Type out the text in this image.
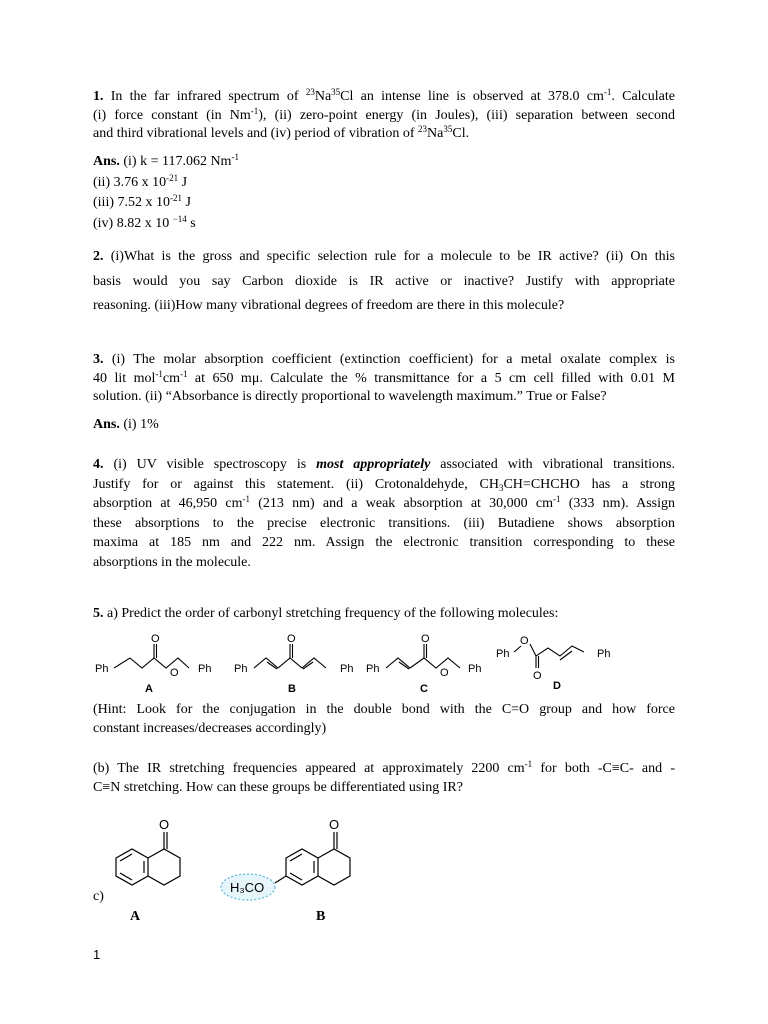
1. In the far infrared spectrum of $^{23}$Na$^{35}$Cl an intense line is observed at 378.0 $cm^{-1}$. Calculate
(i) force constant (in $Nm^{-1}$), (ii) zero-point energy (in Joules), (iii) separation between second
and third vibrational levels and (iv) period of vibration of $^{23}$Na$^{35}$Cl.
Ans. (i) k = 117.062 $Nm^{-1}$
(ii) 3.76 x $10^{-21}$ J
(iii) 7.52 x $10^{-21}$ J
(iv) 8.82 x 10 $^{-14}$ s
2. (i)What is the gross and specific selection rule for a molecule to be IR active? (ii) On this
basis would you say Carbon dioxide is IR active or inactive? Justify with appropriate
reasoning. (iii)How many vibrational degrees of freedom are there in this molecule?
3. (i) The molar absorption coefficient (extinction coefficient) for a metal oxalate complex is
40 lit $mol^{-1}cm^{-1}$ at 650 mμ. Calculate the % transmittance for a 5 cm cell filled with 0.01 M
solution. (ii) “Absorbance is directly proportional to wavelength maximum.” True or False?
Ans. (i) 1%
4. (i) UV visible spectroscopy is most appropriately associated with vibrational transitions.
Justify for or against this statement. (ii) Crotonaldehyde, $CH_3CH=CHCHO$ has a strong
absorption at 46,950 $cm^{-1}$ (213 nm) and a weak absorption at 30,000 $cm^{-1}$ (333 nm). Assign
these absorptions to the precise electronic transitions. (iii) Butadiene shows absorption
maxima at 185 nm and 222 nm. Assign the electronic transition corresponding to these
absorptions in the molecule.
5. a) Predict the order of carbonyl stretching frequency of the following molecules:
Ph
O
O Ph
A
Ph
O
Ph
B
Ph
O
O Ph
C
Ph
O
O
Ph
D
(Hint: Look for the conjugation in the double bond with the C=O group and how force
constant increases/decreases accordingly)
(b) The IR stretching frequencies appeared at approximately 2200 $cm^{-1}$ for both -C≡C- and -
C≡N stretching. How can these groups be differentiated using IR?
c)
O
A
H₃CO
O
B
1
